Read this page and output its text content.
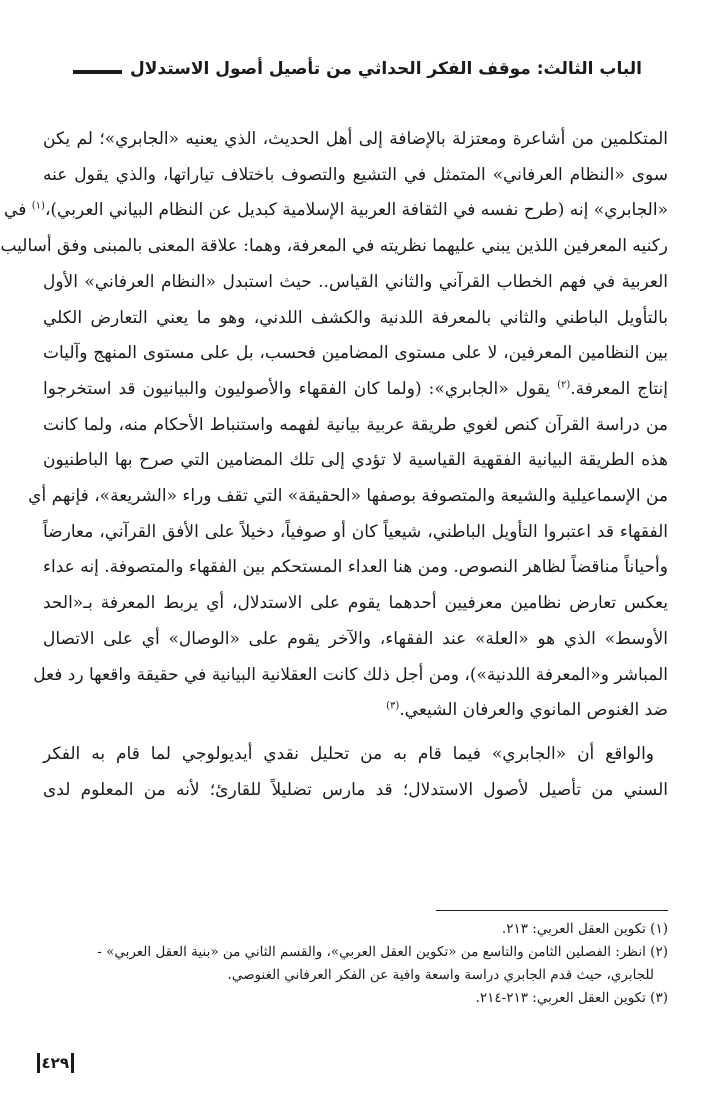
الباب الثالث: موقف الفكر الحداثي من تأصيل أصول الاستدلال

المتكلمين من أشاعرة ومعتزلة بالإضافة إلى أهل الحديث، الذي يعنيه «الجابري»؛ لم يكن
سوى «النظام العرفاني» المتمثل في التشيع والتصوف باختلاف تياراتها، والذي يقول عنه
«الجابري» إنه (طرح نفسه في الثقافة العربية الإسلامية كبديل عن النظام البياني العربي)،$^{(١)}$ في
ركنيه المعرفين اللذين يبني عليهما نظريته في المعرفة، وهما: علاقة المعنى بالمبنى وفق أساليب
العربية في فهم الخطاب القرآني والثاني القياس.. حيث استبدل «النظام العرفاني» الأول
بالتأويل الباطني والثاني بالمعرفة اللدنية والكشف اللدني، وهو ما يعني التعارض الكلي
بين النظامين المعرفين، لا على مستوى المضامين فحسب، بل على مستوى المنهج وآليات
إنتاج المعرفة.$^{(٢)}$ يقول «الجابري»: (ولما كان الفقهاء والأصوليون والبيانيون قد استخرجوا
من دراسة القرآن كنص لغوي طريقة عربية بيانية لفهمه واستنباط الأحكام منه، ولما كانت
هذه الطريقة البيانية الفقهية القياسية لا تؤدي إلى تلك المضامين التي صرح بها الباطنيون
من الإسماعيلية والشيعة والمتصوفة بوصفها «الحقيقة» التي تقف وراء «الشريعة»، فإنهم أي
الفقهاء قد اعتبروا التأويل الباطني، شيعياً كان أو صوفياً، دخيلاً على الأفق القرآني، معارضاً
وأحياناً مناقضاً لظاهر النصوص. ومن هنا العداء المستحكم بين الفقهاء والمتصوفة. إنه عداء
يعكس تعارض نظامين معرفيين أحدهما يقوم على الاستدلال، أي يربط المعرفة بـ«الحد
الأوسط» الذي هو «العلة» عند الفقهاء، والآخر يقوم على «الوصال» أي على الاتصال
المباشر و«المعرفة اللدنية»)، ومن أجل ذلك كانت العقلانية البيانية في حقيقة واقعها رد فعل
ضد الغنوص المانوي والعرفان الشيعي.$^{(٣)}$

والواقع أن «الجابري» فيما قام به من تحليل نقدي أيديولوجي لما قام به الفكر
السني من تأصيل لأصول الاستدلال؛ قد مارس تضليلاً للقارئ؛ لأنه من المعلوم لدى

(١) تكوين العقل العربي: ٢١٣.

(٢) انظر: الفصلين الثامن والتاسع من «تكوين العقل العربي»، والقسم الثاني من «بنية العقل العربي» -
للجابري، حيث قدم الجابري دراسة واسعة وافية عن الفكر العرفاني الغنوصي.

(٣) تكوين العقل العربي: ٢١٣-٢١٤.

٤٢٩
